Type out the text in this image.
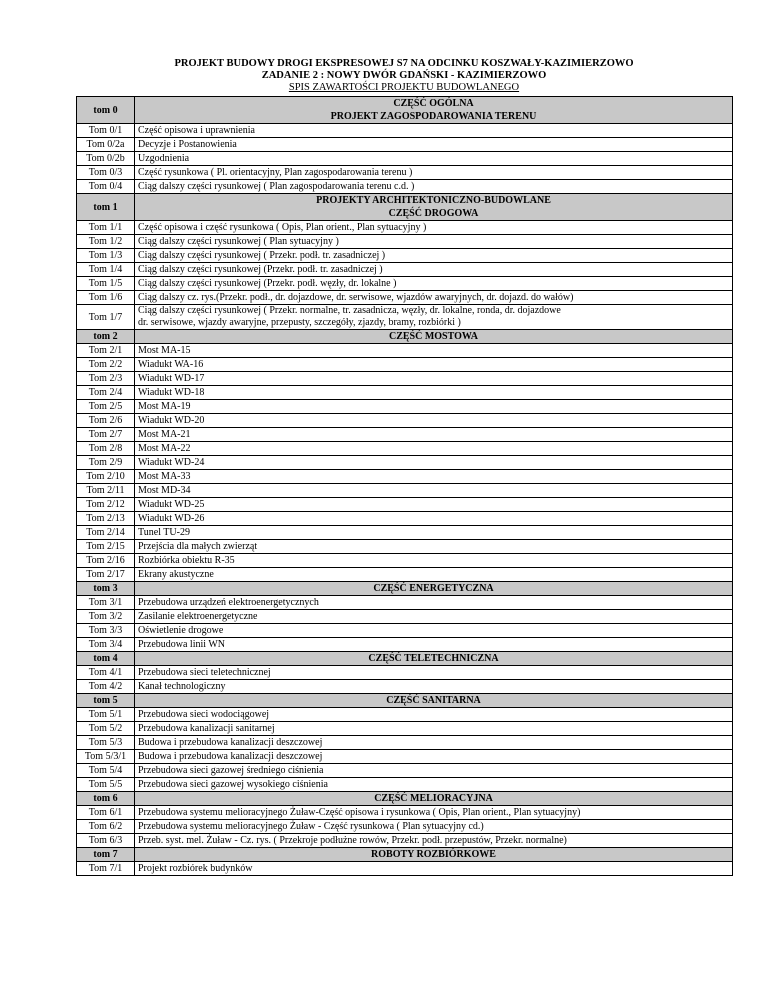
PROJEKT BUDOWY DROGI EKSPRESOWEJ S7 NA ODCINKU KOSZWAŁY-KAZIMIERZOWO
ZADANIE 2 : NOWY DWÓR GDAŃSKI - KAZIMIERZOWO
SPIS ZAWARTOŚCI PROJEKTU BUDOWLANEGO
tom 0	CZĘŚĆ OGÓLNA
PROJEKT ZAGOSPODAROWANIA TERENU

Tom 0/1	Część opisowa i uprawnienia

Tom 0/2a	Decyzje i Postanowienia

Tom 0/2b	Uzgodnienia

Tom 0/3	Część rysunkowa ( Pl. orientacyjny, Plan zagospodarowania terenu )

Tom 0/4	Ciąg dalszy części rysunkowej ( Plan zagospodarowania terenu c.d. )

tom 1	PROJEKTY ARCHITEKTONICZNO-BUDOWLANE
CZĘŚĆ DROGOWA

Tom 1/1	Część opisowa i część rysunkowa ( Opis, Plan orient., Plan sytuacyjny )

Tom 1/2	Ciąg dalszy części rysunkowej ( Plan sytuacyjny )

Tom 1/3	Ciąg dalszy części rysunkowej ( Przekr. podł. tr. zasadniczej )

Tom 1/4	Ciąg dalszy części rysunkowej (Przekr. podł. tr. zasadniczej )

Tom 1/5	Ciąg dalszy części rysunkowej (Przekr. podł. węzły, dr. lokalne )

Tom 1/6	Ciąg dalszy cz. rys.(Przekr. podł., dr. dojazdowe, dr. serwisowe, wjazdów awaryjnych, dr. dojazd. do wałów)

Tom 1/7	Ciąg dalszy części rysunkowej ( Przekr. normalne, tr. zasadnicza, węzły, dr. lokalne, ronda, dr. dojazdowe
dr. serwisowe, wjazdy awaryjne, przepusty, szczegóły, zjazdy, bramy, rozbiórki )

tom 2	CZĘŚĆ MOSTOWA

Tom 2/1	Most MA-15

Tom 2/2	Wiadukt WA-16

Tom 2/3	Wiadukt WD-17

Tom 2/4	Wiadukt WD-18

Tom 2/5	Most MA-19

Tom 2/6	Wiadukt WD-20

Tom 2/7	Most MA-21

Tom 2/8	Most MA-22

Tom 2/9	Wiadukt WD-24

Tom 2/10	Most MA-33

Tom 2/11	Most MD-34

Tom 2/12	Wiadukt WD-25

Tom 2/13	Wiadukt WD-26

Tom 2/14	Tunel TU-29

Tom 2/15	Przejścia dla małych zwierząt

Tom 2/16	Rozbiórka obiektu R-35

Tom 2/17	Ekrany akustyczne

tom 3	CZĘŚĆ ENERGETYCZNA

Tom 3/1	Przebudowa urządzeń elektroenergetycznych

Tom 3/2	Zasilanie elektroenergetyczne

Tom 3/3	Oświetlenie drogowe

Tom 3/4	Przebudowa linii WN

tom 4	CZĘŚĆ TELETECHNICZNA

Tom 4/1	Przebudowa sieci teletechnicznej

Tom 4/2	Kanał technologiczny

tom 5	CZĘŚĆ SANITARNA

Tom 5/1	Przebudowa sieci wodociągowej

Tom 5/2	Przebudowa kanalizacji sanitarnej

Tom 5/3	Budowa i przebudowa kanalizacji deszczowej

Tom 5/3/1	Budowa i przebudowa kanalizacji deszczowej

Tom 5/4	Przebudowa sieci gazowej średniego ciśnienia

Tom 5/5	Przebudowa sieci gazowej wysokiego ciśnienia

tom 6	CZĘŚĆ MELIORACYJNA

Tom 6/1	Przebudowa systemu melioracyjnego Żuław-Część opisowa i rysunkowa ( Opis, Plan orient., Plan sytuacyjny)

Tom 6/2	Przebudowa systemu melioracyjnego Żuław - Część rysunkowa ( Plan sytuacyjny cd.)

Tom 6/3	Przeb. syst. mel. Żuław - Cz. rys. ( Przekroje podłużne rowów, Przekr. podł. przepustów, Przekr. normalne)

tom 7	ROBOTY ROZBIÓRKOWE

Tom 7/1	Projekt rozbiórek budynków
